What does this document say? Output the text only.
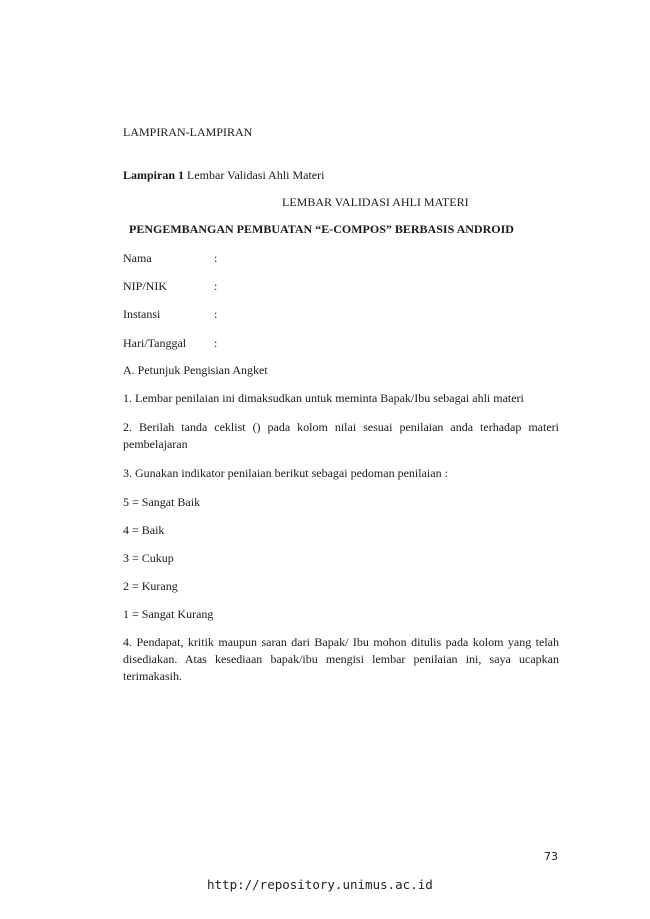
LAMPIRAN-LAMPIRAN
Lampiran 1 Lembar Validasi Ahli Materi
LEMBAR VALIDASI AHLI MATERI
PENGEMBANGAN PEMBUATAN “E-COMPOS” BERBASIS ANDROID
Nama	:
NIP/NIK	:
Instansi	:
Hari/Tanggal :
A. Petunjuk Pengisian Angket
1. Lembar penilaian ini dimaksudkan untuk meminta Bapak/Ibu sebagai ahli materi
2. Berilah tanda ceklist () pada kolom nilai sesuai penilaian anda terhadap materi pembelajaran
3. Gunakan indikator penilaian berikut sebagai pedoman penilaian :
5 = Sangat Baik
4 = Baik
3 = Cukup
2 = Kurang
1 = Sangat Kurang
4. Pendapat, kritik maupun saran dari Bapak/ Ibu mohon ditulis pada kolom yang telah disediakan. Atas kesediaan bapak/ibu mengisi lembar penilaian ini, saya ucapkan terimakasih.
73
http://repository.unimus.ac.id
